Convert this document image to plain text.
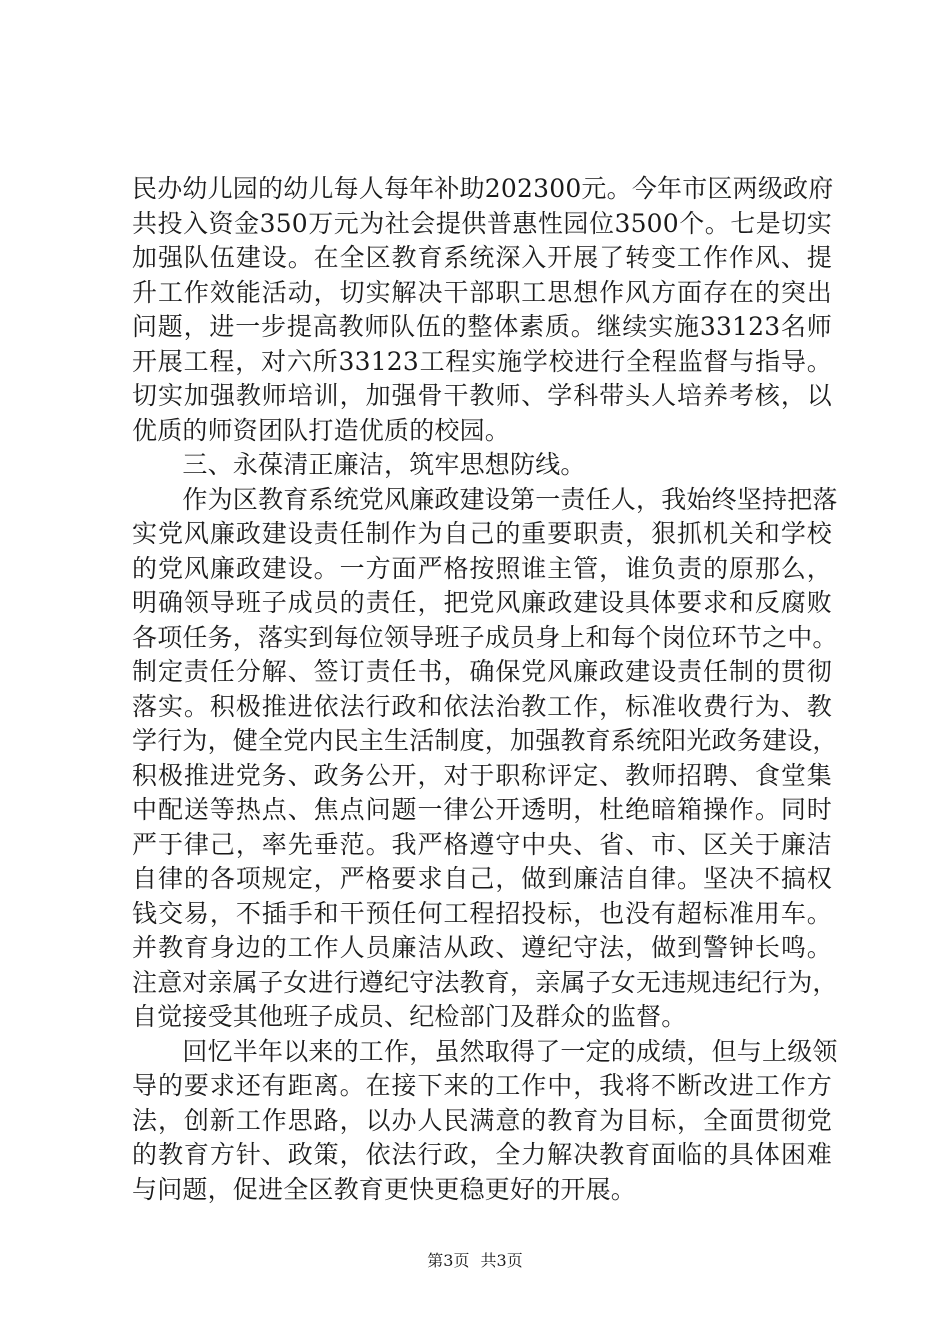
民办幼儿园的幼儿每人每年补助202300元。今年市区两级政府
共投入资金350万元为社会提供普惠性园位3500个。七是切实
加强队伍建设。在全区教育系统深入开展了转变工作作风、提
升工作效能活动，切实解决干部职工思想作风方面存在的突出
问题，进一步提高教师队伍的整体素质。继续实施33123名师
开展工程，对六所33123工程实施学校进行全程监督与指导。
切实加强教师培训，加强骨干教师、学科带头人培养考核，以
优质的师资团队打造优质的校园。
　　三、永葆清正廉洁，筑牢思想防线。
　　作为区教育系统党风廉政建设第一责任人，我始终坚持把落
实党风廉政建设责任制作为自己的重要职责，狠抓机关和学校
的党风廉政建设。一方面严格按照谁主管，谁负责的原那么，
明确领导班子成员的责任，把党风廉政建设具体要求和反腐败
各项任务，落实到每位领导班子成员身上和每个岗位环节之中。
制定责任分解、签订责任书，确保党风廉政建设责任制的贯彻
落实。积极推进依法行政和依法治教工作，标准收费行为、教
学行为，健全党内民主生活制度，加强教育系统阳光政务建设，
积极推进党务、政务公开，对于职称评定、教师招聘、食堂集
中配送等热点、焦点问题一律公开透明，杜绝暗箱操作。同时
严于律己，率先垂范。我严格遵守中央、省、市、区关于廉洁
自律的各项规定，严格要求自己，做到廉洁自律。坚决不搞权
钱交易，不插手和干预任何工程招投标，也没有超标准用车。
并教育身边的工作人员廉洁从政、遵纪守法，做到警钟长鸣。
注意对亲属子女进行遵纪守法教育，亲属子女无违规违纪行为，
自觉接受其他班子成员、纪检部门及群众的监督。
　　回忆半年以来的工作，虽然取得了一定的成绩，但与上级领
导的要求还有距离。在接下来的工作中，我将不断改进工作方
法，创新工作思路，以办人民满意的教育为目标，全面贯彻党
的教育方针、政策，依法行政，全力解决教育面临的具体困难
与问题，促进全区教育更快更稳更好的开展。
第3页 共3页
